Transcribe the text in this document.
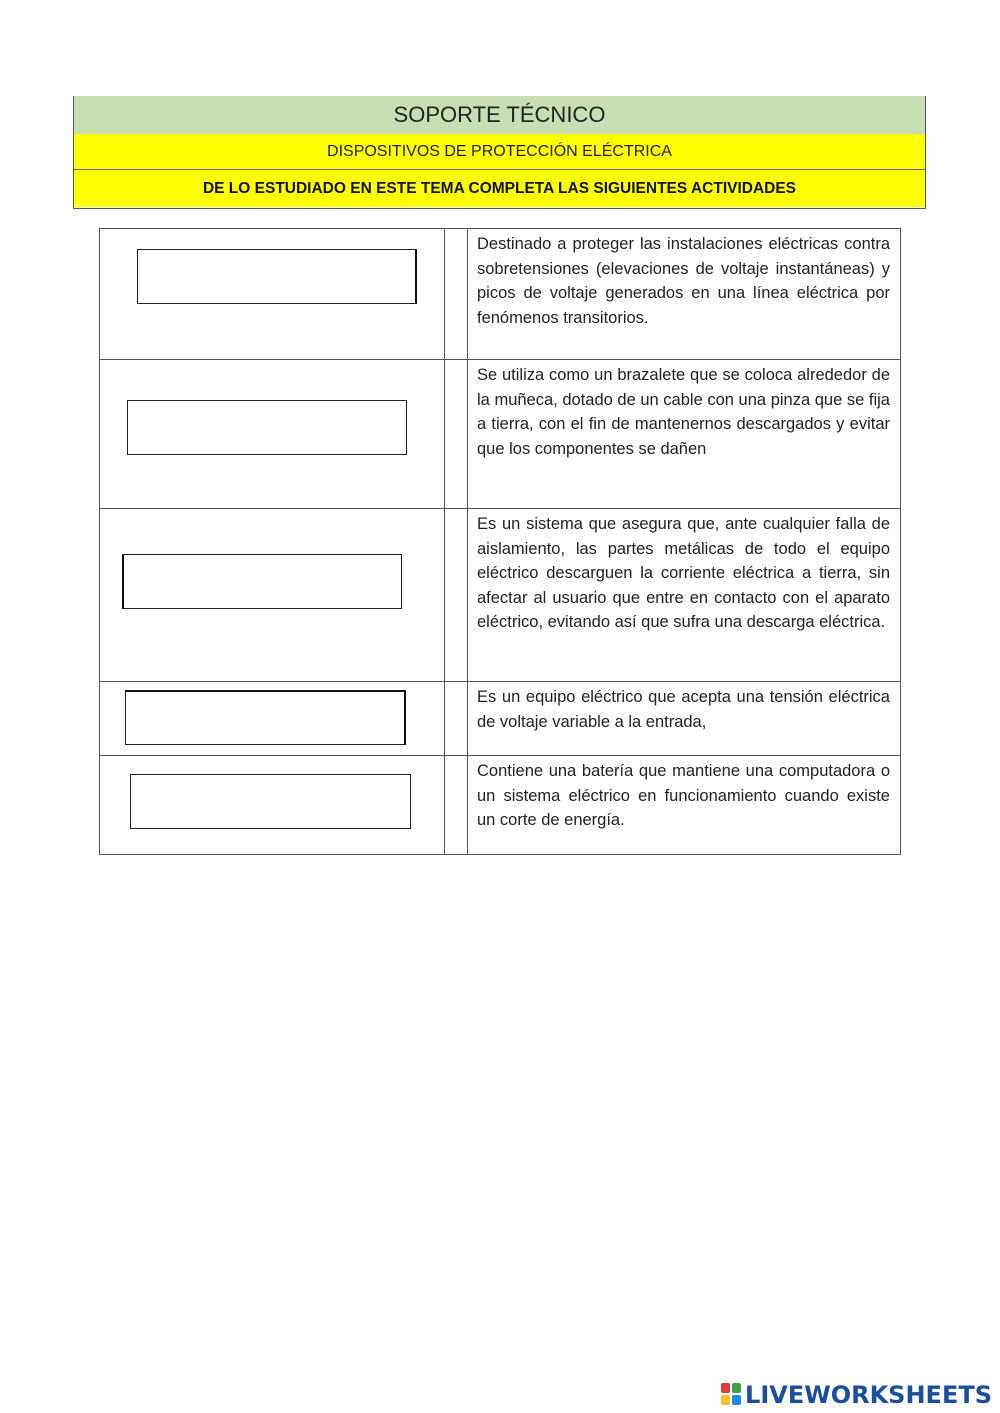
SOPORTE TÉCNICO
DISPOSITIVOS DE PROTECCIÓN ELÉCTRICA
DE LO ESTUDIADO EN ESTE TEMA COMPLETA LAS SIGUIENTES ACTIVIDADES

Destinado a proteger las instalaciones eléctricas contra sobretensiones (elevaciones de voltaje instantáneas) y picos de voltaje generados en una línea eléctrica por fenómenos transitorios.

Se utiliza como un brazalete que se coloca alrededor de la muñeca, dotado de un cable con una pinza que se fija a tierra, con el fin de mantenernos descargados y evitar que los componentes se dañen

Es un sistema que asegura que, ante cualquier falla de aislamiento, las partes metálicas de todo el equipo eléctrico descarguen la corriente eléctrica a tierra, sin afectar al usuario que entre en contacto con el aparato eléctrico, evitando así que sufra una descarga eléctrica.

Es un equipo eléctrico que acepta una tensión eléctrica de voltaje variable a la entrada,

Contiene una batería que mantiene una computadora o un sistema eléctrico en funcionamiento cuando existe un corte de energía.
LIVEWORKSHEETS
